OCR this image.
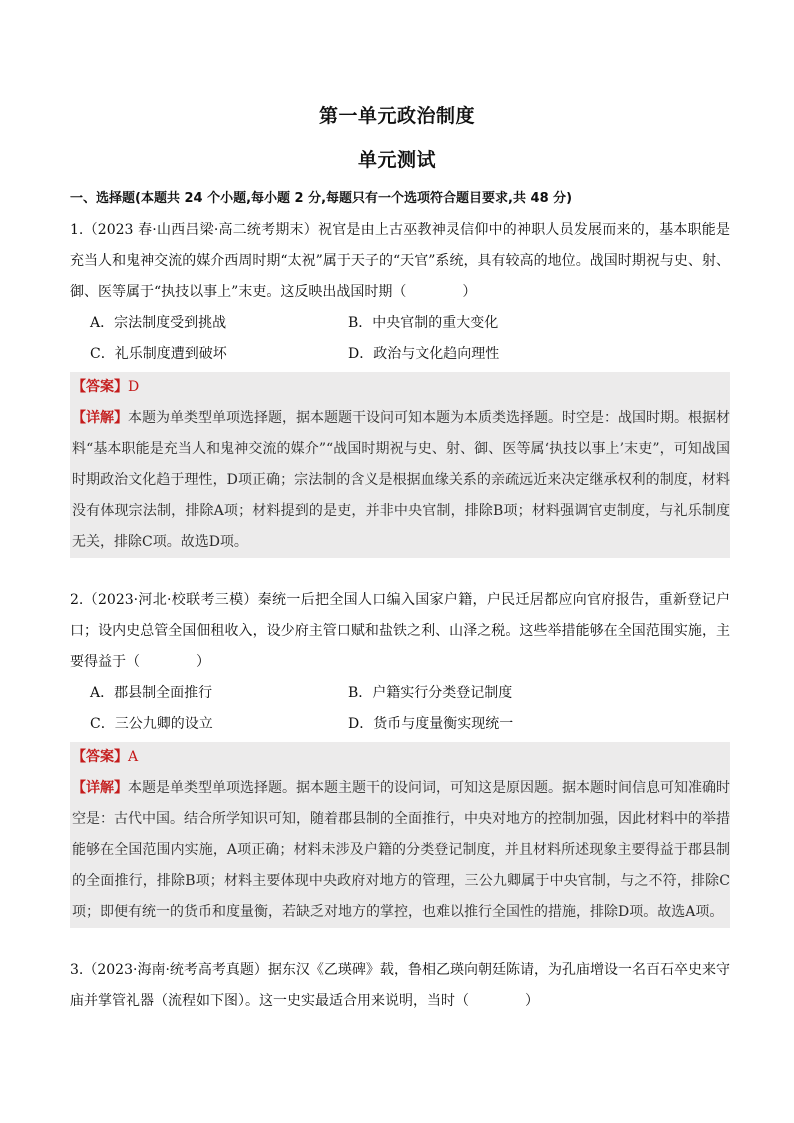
第一单元政治制度
单元测试
一、选择题(本题共 24 个小题,每小题 2 分,每题只有一个选项符合题目要求,共 48 分)
1.（2023 春·山西吕梁·高二统考期末）祝官是由上古巫教神灵信仰中的神职人员发展而来的，基本职能是充当人和鬼神交流的媒介西周时期“太祝”属于天子的“天官”系统，具有较高的地位。战国时期祝与史、射、御、医等属于“执技以事上”末吏。这反映出战国时期（	）
A．宗法制度受到挑战	B．中央官制的重大变化
C．礼乐制度遭到破坏	D．政治与文化趋向理性
【答案】D
【详解】本题为单类型单项选择题，据本题题干设问可知本题为本质类选择题。时空是：战国时期。根据材料“基本职能是充当人和鬼神交流的媒介”“战国时期祝与史、射、御、医等属‘执技以事上’末吏”，可知战国时期政治文化趋于理性，D项正确；宗法制的含义是根据血缘关系的亲疏远近来决定继承权利的制度，材料没有体现宗法制，排除A项；材料提到的是吏，并非中央官制，排除B项；材料强调官吏制度，与礼乐制度无关，排除C项。故选D项。
2.（2023·河北·校联考三模）秦统一后把全国人口编入国家户籍，户民迁居都应向官府报告，重新登记户口；设内史总管全国佃租收入，设少府主管口赋和盐铁之利、山泽之税。这些举措能够在全国范围实施，主要得益于（	）
A．郡县制全面推行	B．户籍实行分类登记制度
C．三公九卿的设立	D．货币与度量衡实现统一
【答案】A
【详解】本题是单类型单项选择题。据本题主题干的设问词，可知这是原因题。据本题时间信息可知准确时空是：古代中国。结合所学知识可知，随着郡县制的全面推行，中央对地方的控制加强，因此材料中的举措能够在全国范围内实施，A项正确；材料未涉及户籍的分类登记制度，并且材料所述现象主要得益于郡县制的全面推行，排除B项；材料主要体现中央政府对地方的管理，三公九卿属于中央官制，与之不符，排除C项；即便有统一的货币和度量衡，若缺乏对地方的掌控，也难以推行全国性的措施，排除D项。故选A项。
3.（2023·海南·统考高考真题）据东汉《乙瑛碑》载，鲁相乙瑛向朝廷陈请，为孔庙增设一名百石卒史来守庙并掌管礼器（流程如下图）。这一史实最适合用来说明，当时（	）
